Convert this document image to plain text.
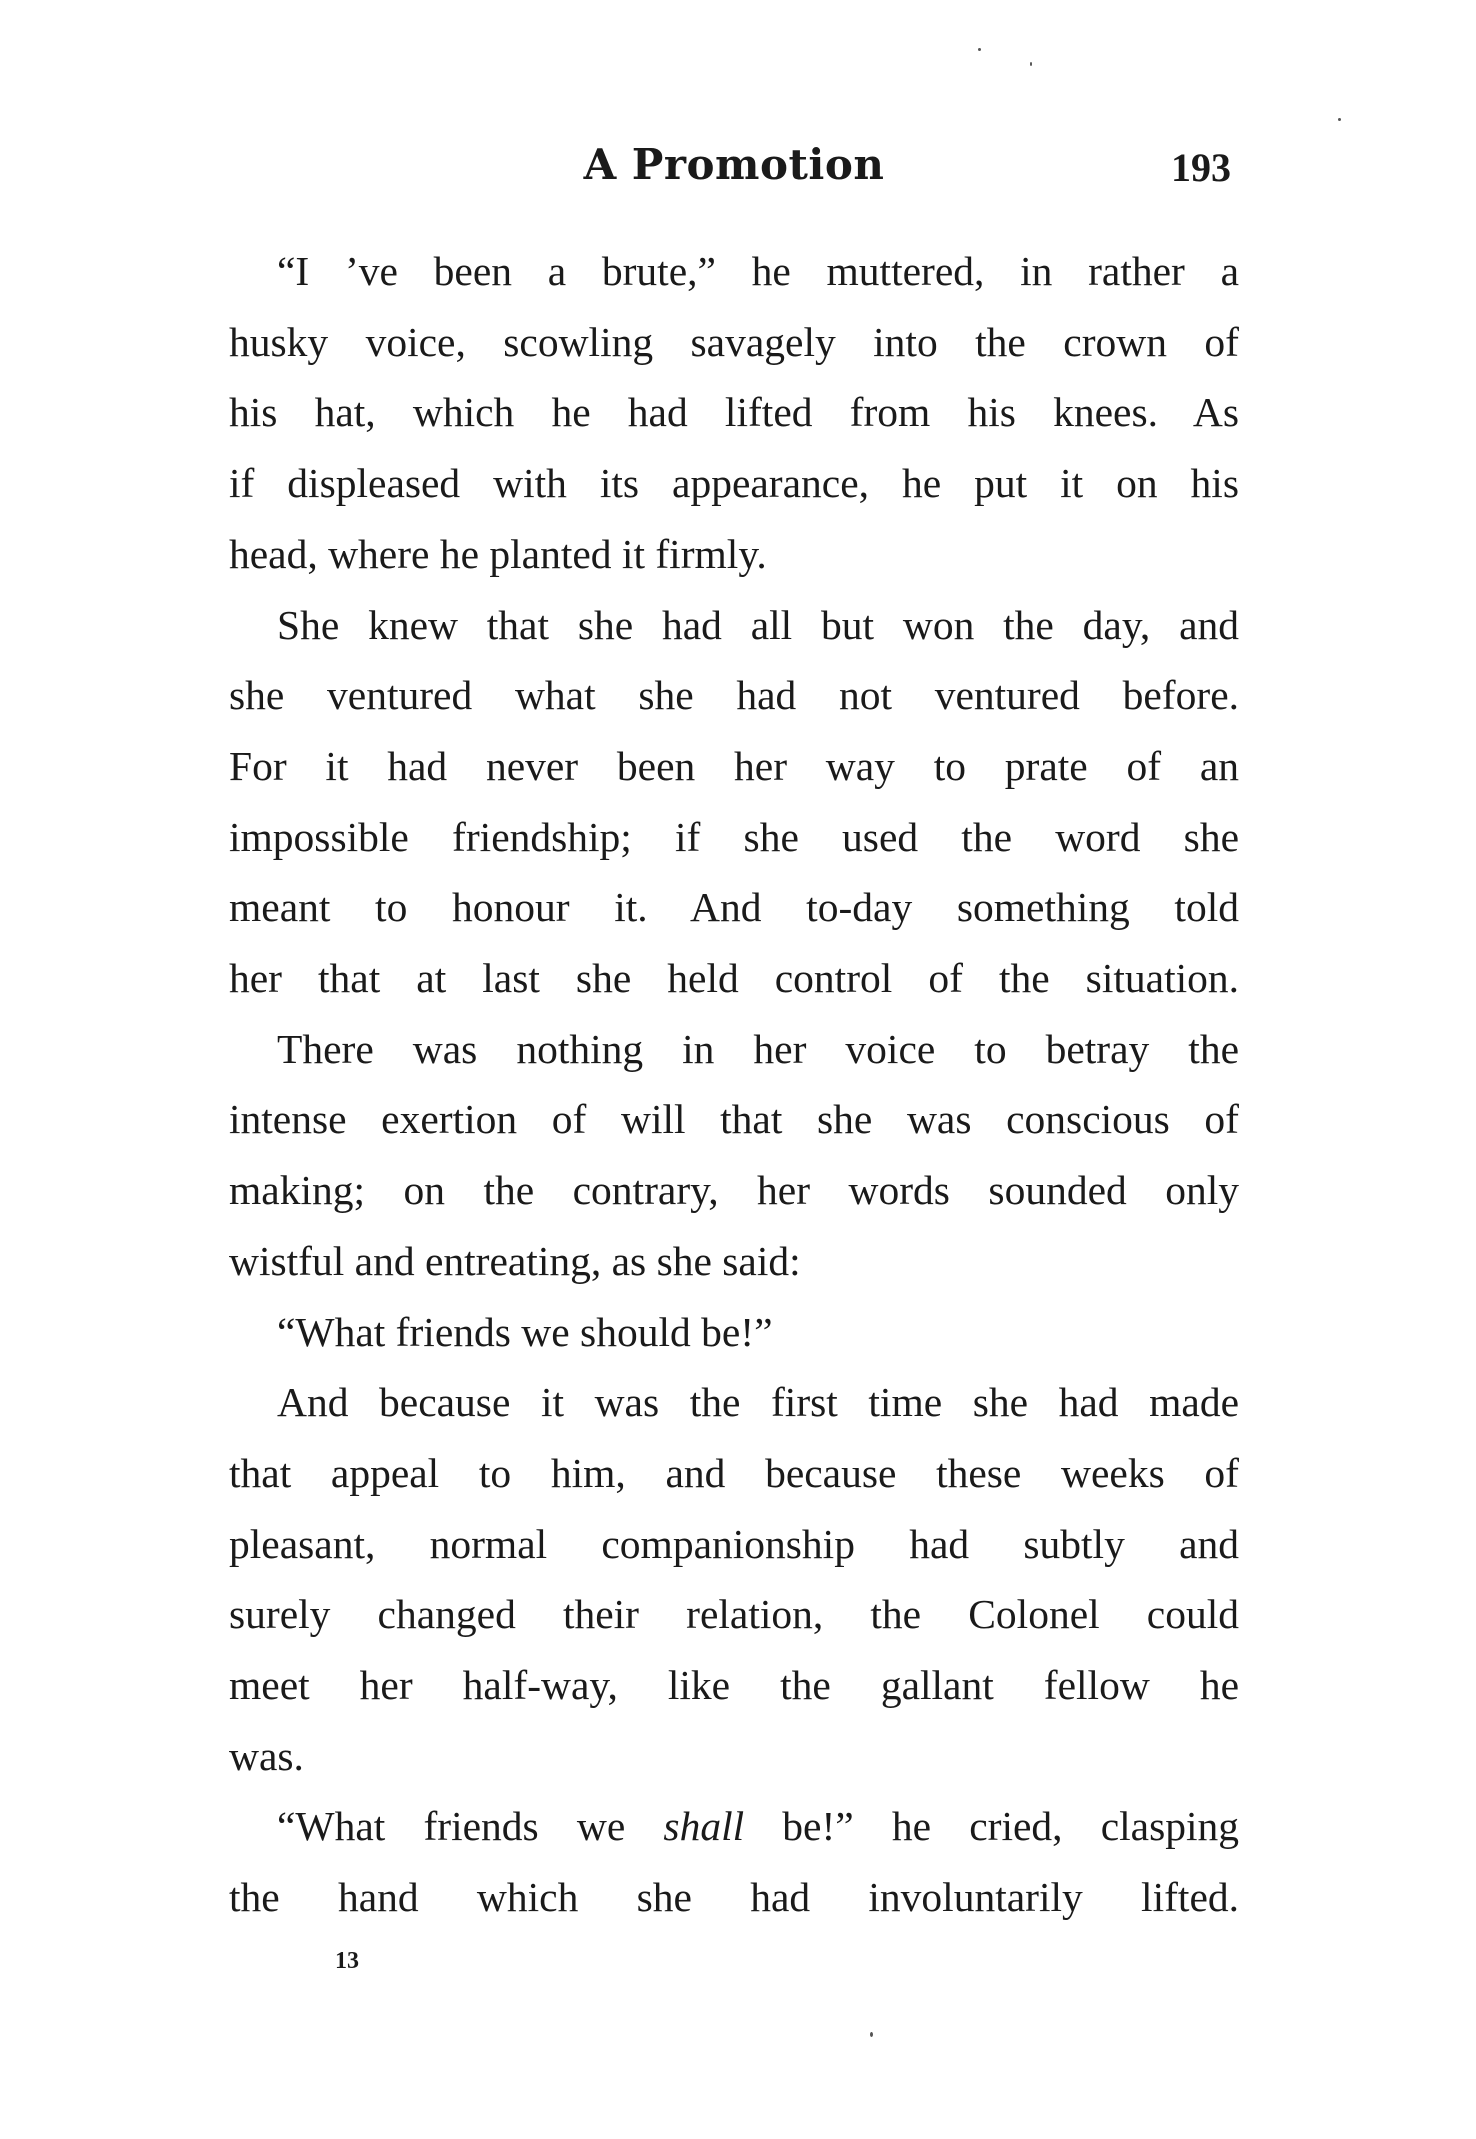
A Promotion	193
“I ’ve been a brute,” he muttered, in rather a
husky voice, scowling savagely into the crown of
his hat, which he had lifted from his knees. As
if displeased with its appearance, he put it on his
head, where he planted it firmly.
She knew that she had all but won the day, and
she ventured what she had not ventured before.
For it had never been her way to prate of an
impossible friendship; if she used the word she
meant to honour it. And to-day something told
her that at last she held control of the situation.
There was nothing in her voice to betray the
intense exertion of will that she was conscious of
making; on the contrary, her words sounded only
wistful and entreating, as she said:
“What friends we should be!”
And because it was the first time she had made
that appeal to him, and because these weeks of
pleasant, normal companionship had subtly and
surely changed their relation, the Colonel could
meet her half-way, like the gallant fellow he
was.
“What friends we shall be!” he cried, clasping
the hand which she had involuntarily lifted.
13
